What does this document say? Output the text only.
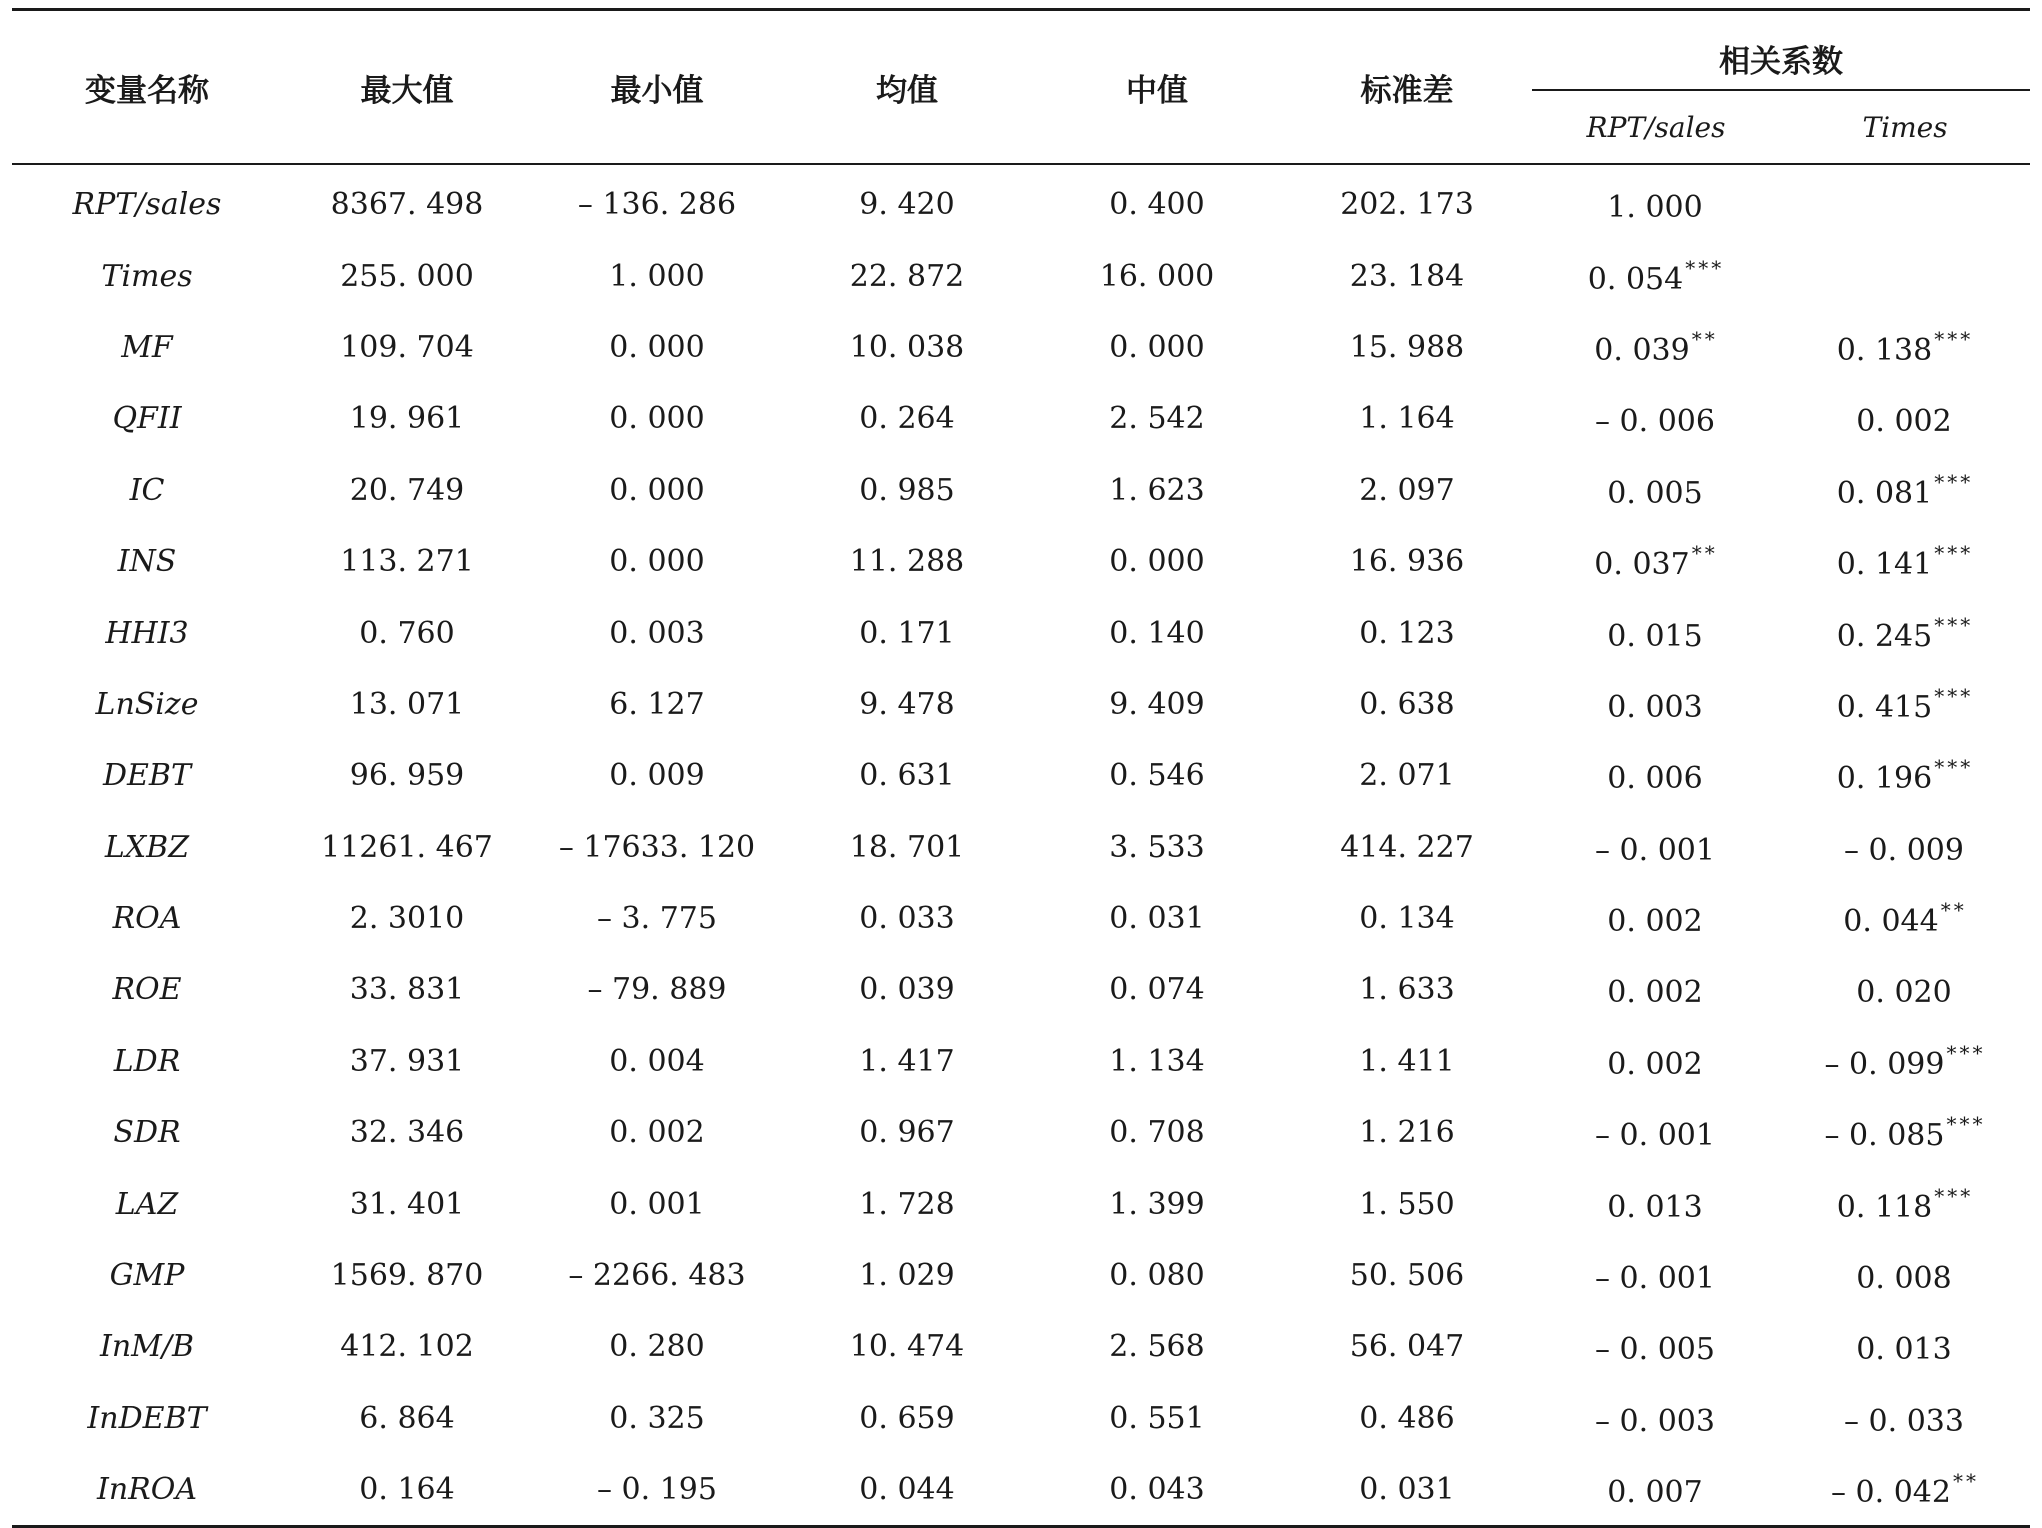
变量名称	最大值	最小值	均值	中值	标准差	相关系数	
						RPT/sales	Times
RPT/sales	8367. 498	– 136. 286	9. 420	0. 400	202. 173	1. 000	
Times	255. 000	1. 000	22. 872	16. 000	23. 184	0. 054 ***	
MF	109. 704	0. 000	10. 038	0. 000	15. 988	0. 039 **	0. 138 ***
QFII	19. 961	0. 000	0. 264	2. 542	1. 164	– 0. 006	0. 002
IC	20. 749	0. 000	0. 985	1. 623	2. 097	0. 005	0. 081 ***
INS	113. 271	0. 000	11. 288	0. 000	16. 936	0. 037 **	0. 141 ***
HHI3	0. 760	0. 003	0. 171	0. 140	0. 123	0. 015	0. 245 ***
LnSize	13. 071	6. 127	9. 478	9. 409	0. 638	0. 003	0. 415 ***
DEBT	96. 959	0. 009	0. 631	0. 546	2. 071	0. 006	0. 196 ***
LXBZ	11261. 467	– 17633. 120	18. 701	3. 533	414. 227	– 0. 001	– 0. 009
ROA	2. 3010	– 3. 775	0. 033	0. 031	0. 134	0. 002	0. 044 **
ROE	33. 831	– 79. 889	0. 039	0. 074	1. 633	0. 002	0. 020
LDR	37. 931	0. 004	1. 417	1. 134	1. 411	0. 002	– 0. 099 ***
SDR	32. 346	0. 002	0. 967	0. 708	1. 216	– 0. 001	– 0. 085 ***
LAZ	31. 401	0. 001	1. 728	1. 399	1. 550	0. 013	0. 118 ***
GMP	1569. 870	– 2266. 483	1. 029	0. 080	50. 506	– 0. 001	0. 008
InM/B	412. 102	0. 280	10. 474	2. 568	56. 047	– 0. 005	0. 013
InDEBT	6. 864	0. 325	0. 659	0. 551	0. 486	– 0. 003	– 0. 033
InROA	0. 164	– 0. 195	0. 044	0. 043	0. 031	0. 007	– 0. 042 **
